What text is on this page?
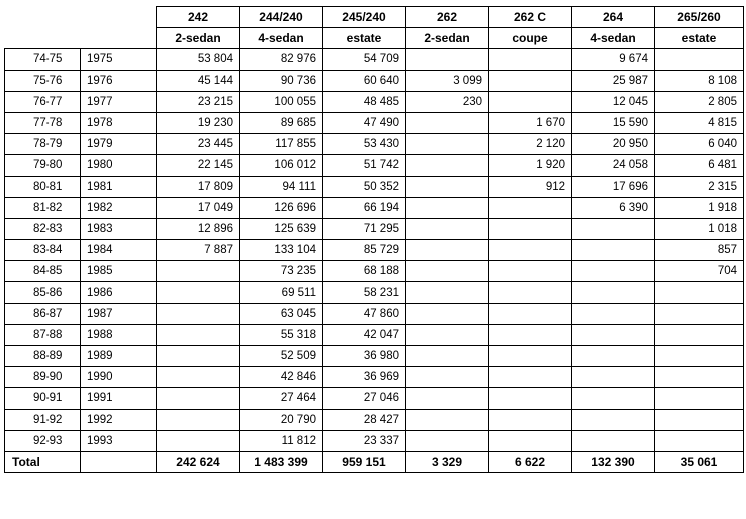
		242	244/240	245/240	262	262 C	264	265/260
		2-sedan	4-sedan	estate	2-sedan	coupe	4-sedan	estate
74-75	1975	53 804	82 976	54 709			9 674	
75-76	1976	45 144	90 736	60 640	3 099		25 987	8 108
76-77	1977	23 215	100 055	48 485	230		12 045	2 805
77-78	1978	19 230	89 685	47 490		1 670	15 590	4 815
78-79	1979	23 445	117 855	53 430		2 120	20 950	6 040
79-80	1980	22 145	106 012	51 742		1 920	24 058	6 481
80-81	1981	17 809	94 111	50 352		912	17 696	2 315
81-82	1982	17 049	126 696	66 194			6 390	1 918
82-83	1983	12 896	125 639	71 295				1 018
83-84	1984	7 887	133 104	85 729				857
84-85	1985		73 235	68 188				704
85-86	1986		69 511	58 231				
86-87	1987		63 045	47 860				
87-88	1988		55 318	42 047				
88-89	1989		52 509	36 980				
89-90	1990		42 846	36 969				
90-91	1991		27 464	27 046				
91-92	1992		20 790	28 427				
92-93	1993		11 812	23 337				
Total		242 624	1 483 399	959 151	3 329	6 622	132 390	35 061
